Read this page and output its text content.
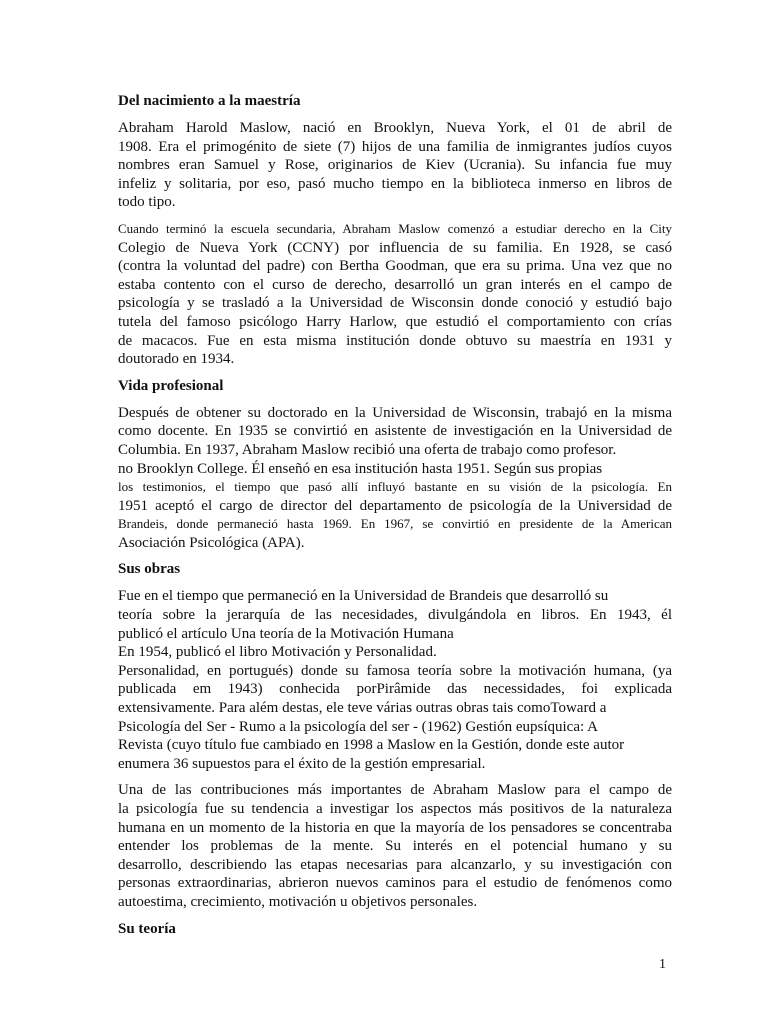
Del nacimiento a la maestría

Abraham Harold Maslow, nació en Brooklyn, Nueva York, el 01 de abril de
1908. Era el primogénito de siete (7) hijos de una familia de inmigrantes judíos cuyos
nombres eran Samuel y Rose, originarios de Kiev (Ucrania). Su infancia fue muy
infeliz y solitaria, por eso, pasó mucho tiempo en la biblioteca inmerso en libros de
todo tipo.

Cuando terminó la escuela secundaria, Abraham Maslow comenzó a estudiar derecho en la City
Colegio de Nueva York (CCNY) por influencia de su familia. En 1928, se casó
(contra la voluntad del padre) con Bertha Goodman, que era su prima. Una vez que no
estaba contento con el curso de derecho, desarrolló un gran interés en el campo de
psicología y se trasladó a la Universidad de Wisconsin donde conoció y estudió bajo
tutela del famoso psicólogo Harry Harlow, que estudió el comportamiento con crías
de macacos. Fue en esta misma institución donde obtuvo su maestría en 1931 y
doutorado en 1934.

Vida profesional

Después de obtener su doctorado en la Universidad de Wisconsin, trabajó en la misma
como docente. En 1935 se convirtió en asistente de investigación en la Universidad de
Columbia. En 1937, Abraham Maslow recibió una oferta de trabajo como profesor.
no Brooklyn College. Él enseñó en esa institución hasta 1951. Según sus propias
los testimonios, el tiempo que pasó allí influyó bastante en su visión de la psicología. En
1951 aceptó el cargo de director del departamento de psicología de la Universidad de
Brandeis, donde permaneció hasta 1969. En 1967, se convirtió en presidente de la American
Asociación Psicológica (APA).

Sus obras

Fue en el tiempo que permaneció en la Universidad de Brandeis que desarrolló su
teoría sobre la jerarquía de las necesidades, divulgándola en libros. En 1943, él
publicó el artículo Una teoría de la Motivación Humana
En 1954, publicó el libro Motivación y Personalidad.
Personalidad, en portugués) donde su famosa teoría sobre la motivación humana, (ya
publicada em 1943) conhecida porPirâmide das necessidades, foi explicada
extensivamente. Para além destas, ele teve várias outras obras tais comoToward a
Psicología del Ser - Rumo a la psicología del ser - (1962) Gestión eupsíquica: A
Revista (cuyo título fue cambiado en 1998 a Maslow en la Gestión, donde este autor
enumera 36 supuestos para el éxito de la gestión empresarial.

Una de las contribuciones más importantes de Abraham Maslow para el campo de
la psicología fue su tendencia a investigar los aspectos más positivos de la naturaleza
humana en un momento de la historia en que la mayoría de los pensadores se concentraba
entender los problemas de la mente. Su interés en el potencial humano y su
desarrollo, describiendo las etapas necesarias para alcanzarlo, y su investigación con
personas extraordinarias, abrieron nuevos caminos para el estudio de fenómenos como
autoestima, crecimiento, motivación u objetivos personales.

Su teoría
1
